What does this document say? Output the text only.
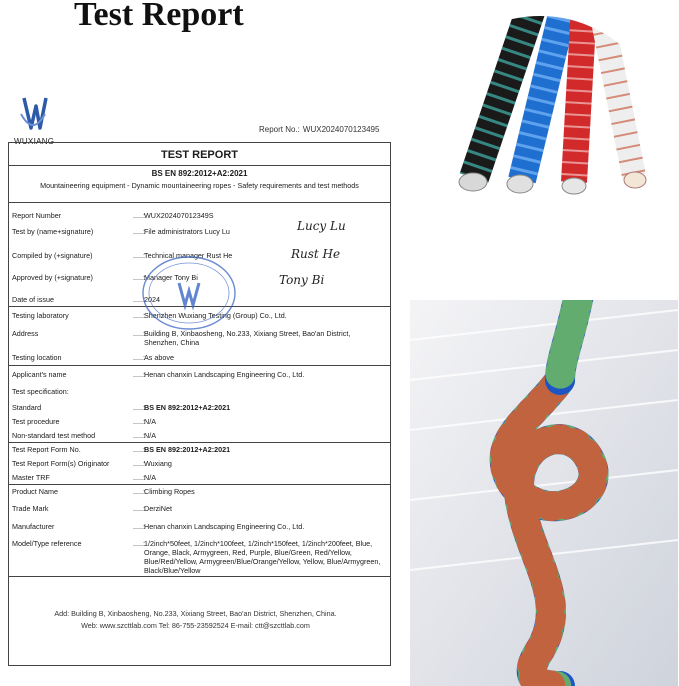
Test Report
WUXIANG
Report No.: WUX2024070123495
TEST REPORT
BS EN 892:2012+A2:2021
Mountaineering equipment - Dynamic mountaineering ropes - Safety requirements and test methods
Report Number	.....: WUX202407012349S
Test by (name+signature)	.....: File administrators Lucy Lu
Compiled by (+signature)	.....: Technical manager Rust He
Approved by (+signature)	.....: Manager Tony Bi
Date of issue	.....: 2024
Testing laboratory	.....: Shenzhen Wuxiang Testing (Group) Co., Ltd.
Address	.....: Building B, Xinbaosheng, No.233, Xixiang Street, Bao'an District, Shenzhen, China
Testing location	.....: As above
Applicant's name	.....: Henan chanxin Landscaping Engineering Co., Ltd.
Test specification:
Standard	.....: BS EN 892:2012+A2:2021
Test procedure	.....: N/A
Non-standard test method	.....: N/A
Test Report Form No.	.....: BS EN 892:2012+A2:2021
Test Report Form(s) Originator	.....: Wuxiang
Master TRF	.....: N/A
Product Name	.....: Climbing Ropes
Trade Mark	.....: DerziNet
Manufacturer	.....: Henan chanxin Landscaping Engineering Co., Ltd.
Model/Type reference	.....: 1/2inch*50feet, 1/2inch*100feet, 1/2inch*150feet, 1/2inch*200feet, Blue, Orange, Black, Armygreen, Red, Purple, Blue/Green, Red/Yellow, Blue/Red/Yellow, Armygreen/Blue/Orange/Yellow, Yellow, Blue/Armygreen, Black/Blue/Yellow
Lucy Lu
Rust He
Tony Bi
Add: Building B, Xinbaosheng, No.233, Xixiang Street, Bao'an District, Shenzhen, China.
Web: www.szcttlab.com Tel: 86-755-23592524 E-mail: ctt@szcttlab.com
